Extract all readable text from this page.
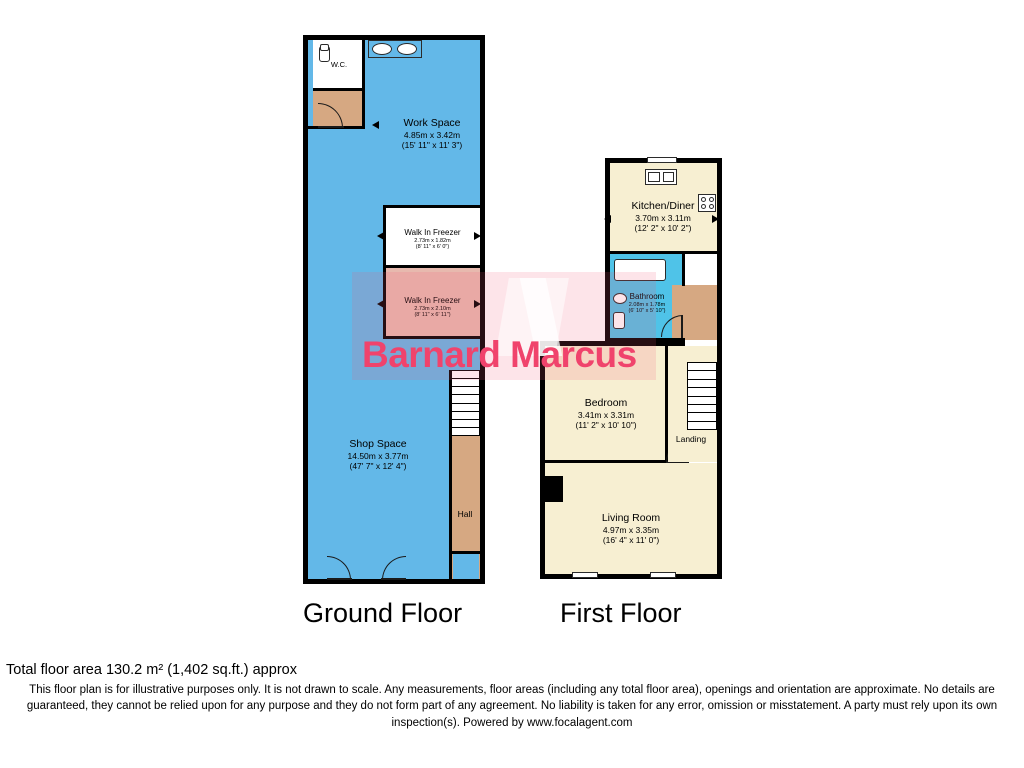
W.C.
Work Space
4.85m x 3.42m
(15' 11" x 11' 3")
Walk In Freezer
2.73m x 1.82m
(8' 11" x 6' 0")
Walk In Freezer
2.73m x 2.10m
(8' 11" x 6' 11")
Hall
Shop Space
14.50m x 3.77m
(47' 7" x 12' 4")
Kitchen/Diner
3.70m x 3.11m
(12' 2" x 10' 2")
Bathroom
2.08m x 1.78m
(6' 10" x 5' 10")
Bedroom
3.41m x 3.31m
(11' 2" x 10' 10")
Landing
Living Room
4.97m x 3.35m
(16' 4" x 11' 0")
Barnard Marcus
Ground Floor	First Floor

Total floor area 130.2 m² (1,402 sq.ft.) approx

This floor plan is for illustrative purposes only. It is not drawn to scale. Any measurements, floor areas (including any total floor area), openings and orientation are approximate. No details are guaranteed, they cannot be relied upon for any purpose and they do not form part of any agreement. No liability is taken for any error, omission or misstatement. A party must rely upon its own inspection(s). Powered by www.focalagent.com
